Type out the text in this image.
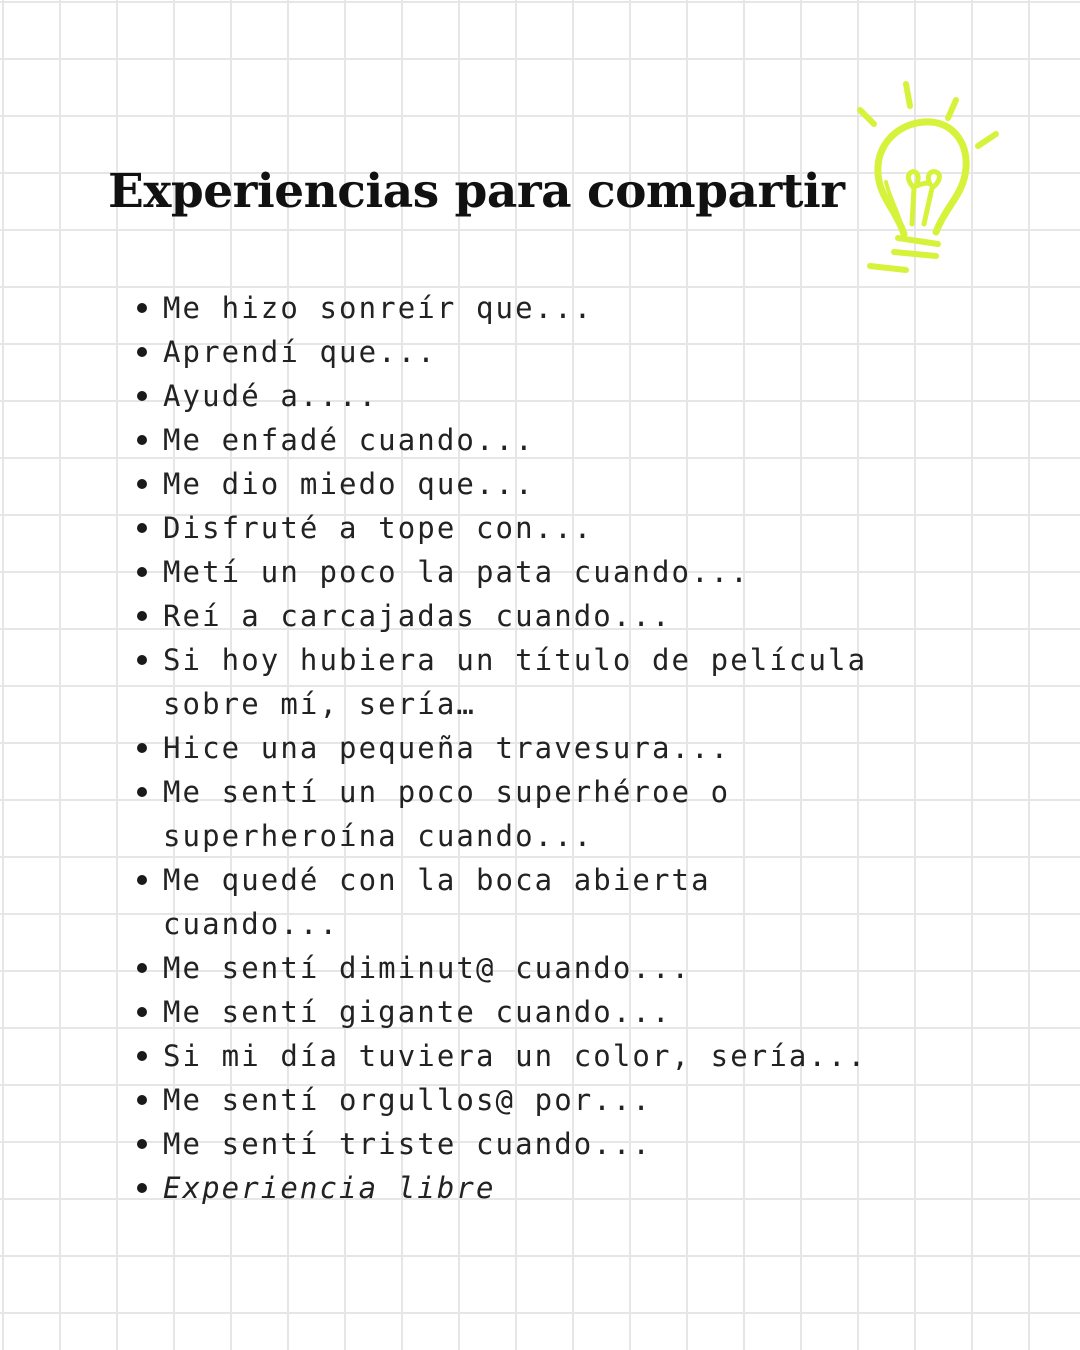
Experiencias para compartir
Me hizo sonreír que...
Aprendí que...
Ayudé a....
Me enfadé cuando...
Me dio miedo que...
Disfruté a tope con...
Metí un poco la pata cuando...
Reí a carcajadas cuando...
Si hoy hubiera un título de película
sobre mí, sería…
Hice una pequeña travesura...
Me sentí un poco superhéroe o
superheroína cuando...
Me quedé con la boca abierta
cuando...
Me sentí diminut@ cuando...
Me sentí gigante cuando...
Si mi día tuviera un color, sería...
Me sentí orgullos@ por...
Me sentí triste cuando...
Experiencia libre
